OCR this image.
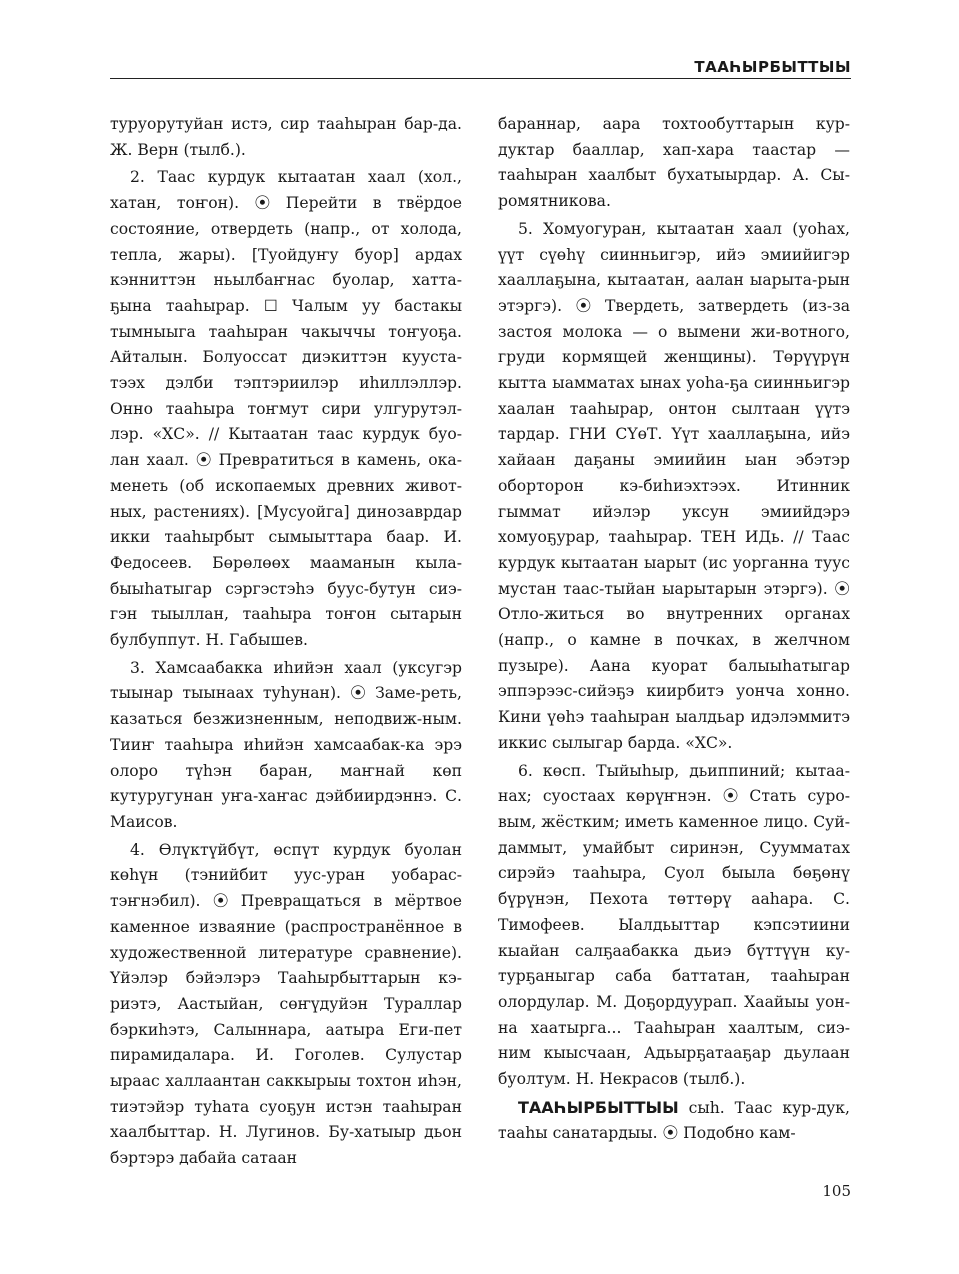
ТААҺЫРБЫТТЫЫ

туруорутуйан истэ, сир тааһыран бар-да. Ж. Верн (тылб.).

2. Таас курдук кытаатан хаал (хол., хатан, тоҥон). ⦿ Перейти в твёрдое состояние, отвердеть (напр., от холода, тепла, жары). [Туойдуҥу буор] ардах кэнниттэн ньылбаҥнас буолар, хатта-ҕына тааһырар. ☐ Чалым уу бастакы тымныыга тааһыран чакыччы тоҥуоҕа. Айталын. Болуоссат диэкиттэн кууста-тээх дэлби тэптэриилэр иһиллэллэр. Онно тааһыра тоҥмут сири улгурутэл-лэр. «ХС». // Кытаатан таас курдук буо-лан хаал. ⦿ Превратиться в камень, ока-менеть (об ископаемых древних живот-ных, растениях). [Мусуойга] динозаврдар икки тааһырбыт сымыыттара баар. И. Федосеев. Бөрөлөөх мааманын кыла-быыһатыгар сэргэстэһэ бууc-бутун сиэ-гэн тыыллан, тааһыра тоҥон сытарын булбуппут. Н. Габышев.

3. Хамсаабакка иһийэн хаал (уксугэр тыынар тыынаах туһунан). ⦿ Заме-реть, казаться безжизненным, неподвиж-ным. Тииҥ тааһыра иһийэн хамсаабак-ка эрэ олоро түһэн баран, маҥнай көп кутуругунан уҥа-хаҥас дэйбиирдэннэ. С. Маисов.

4. Өлүктүйбүт, өспүт курдук буолан көһүн (тэнийбит уус-уран уобарас-тэҥнэбил). ⦿ Превращаться в мёртвое каменное изваяние (распространённое в художественной литературе сравнение). Үйэлэр бэйэлэрэ Тааһырбыттарын кэ-риэтэ, Аастыйан, сөҥүдуйэн Тураллар бэркиһэтэ, Салыннара, аатыра Еги-пет пирамидалара. И. Гоголев. Сулустар ыраас халлаантан саккырыы тохтон иһэн, тиэтэйэр туһата суоҕун истэн тааһыран хаалбыттар. Н. Лугинов. Бу-хатыыр дьон бэртэрэ дабайа сатаан

бараннар, аара тохтообуттарын кур-дуктар бааллар, хап-хара таастар — тааһыран хаалбыт бухатыырдар. А. Сы-ромятникова.

5. Хомуогуран, кытаатан хаал (уоһах, үүт сүөһү сиинньигэр, ийэ эмиийигэр хааллаҕына, кытаатан, аалан ыарыта-рын этэргэ). ⦿ Твердеть, затвердеть (из-за застоя молока — о вымени жи-вотного, груди кормящей женщины). Төрүүрүн кытта ыамматах ынах уоһа-ҕа сиинньигэр хаалан тааһырар, онтон сылтаан үүтэ тардар. ГНИ СҮөТ. Үүт хааллаҕына, ийэ хайаан даҕаны эмиийин ыан эбэтэр оборторон кэ-биһиэхтээх. Итинник гыммат ийэлэр уксун эмиийдэрэ хомуоҕурар, тааһырар. ТЕН ИДь. // Таас курдук кытаатан ыарыт (ис уорганна туус мустан таас-тыйан ыарытарын этэргэ). ⦿ Отло-житься во внутренних органах (напр., о камне в почках, в желчном пузыре). Аана куорат балыыһатыгар эппэрээс-сийэҕэ киирбитэ уонча хонно. Кини үөһэ тааһыран ыалдьар идэлэммитэ иккис сылыгар барда. «ХС».

6. көсп. Тыйыһыр, дьиппиний; кытаа-нах; суостаах көрүҥнэн. ⦿ Стать суро-вым, жёстким; иметь каменное лицо. Суй-даммыт, умайбыт сиринэн, Суумматах сирэйэ тааһыра, Суол быыла бөҕөнү бүрүнэн, Пехота төттөрү ааһара. С. Тимофеев. Ыалдьыттар кэпсэтиини кыайан салҕаабакка дьиэ бүттүүн ку-турҕаныгар саба баттатан, тааһыран олордулар. М. Доҕордуурап. Хаайыы уон-на хаатырга... Тааһыран хаалтым, сиэ-ним кыысчаан, Адьырҕатааҕар дьулаан буолтум. Н. Некрасов (тылб.).

ТААҺЫРБЫТТЫЫ сыһ. Таас кур-дук, тааһы санатардыы. ⦿ Подобно кам-

105
